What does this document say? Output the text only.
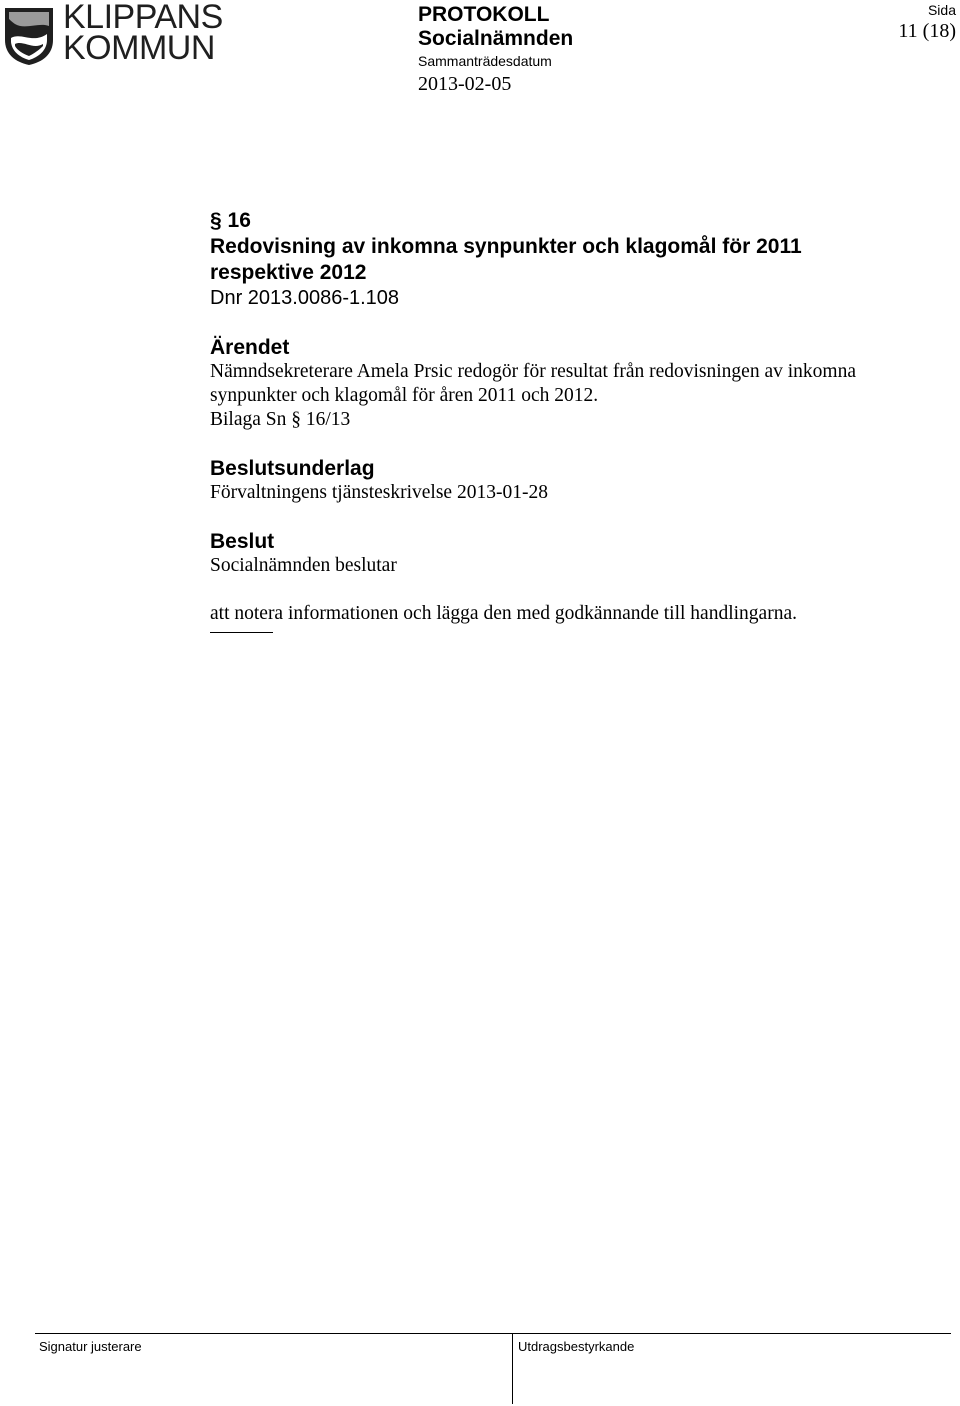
KLIPPANS
KOMMUN
PROTOKOLL
Socialnämnden
Sammanträdesdatum
2013-02-05
Sida
11 (18)
§ 16
Redovisning av inkomna synpunkter och klagomål för 2011
respektive 2012
Dnr 2013.0086-1.108
Ärendet
Nämndsekreterare Amela Prsic redogör för resultat från redovisningen av inkomna
synpunkter och klagomål för åren 2011 och 2012.
Bilaga Sn § 16/13
Beslutsunderlag
Förvaltningens tjänsteskrivelse 2013-01-28
Beslut
Socialnämnden beslutar
att notera informationen och lägga den med godkännande till handlingarna.
Signatur justerare	Utdragsbestyrkande
